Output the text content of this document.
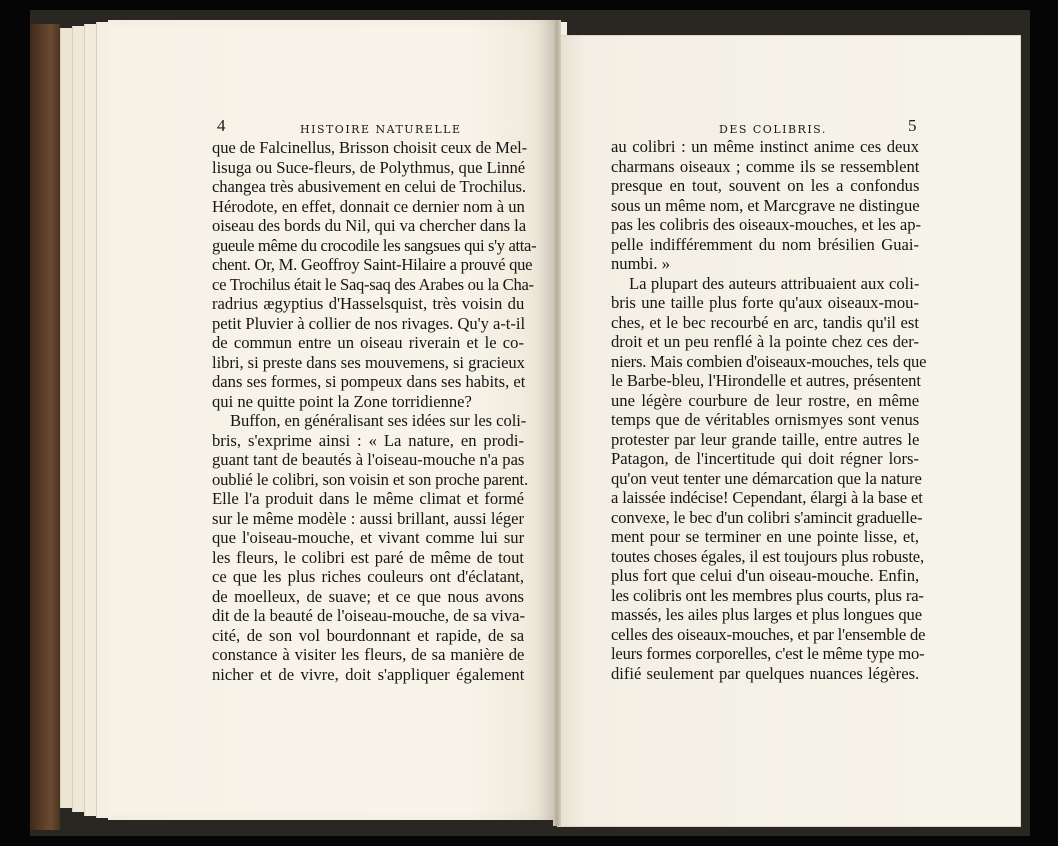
4	HISTOIRE NATURELLE	DES COLIBRIS.	5
que de Falcinellus, Brisson choisit ceux de Mel-
lisuga ou Suce-fleurs, de Polythmus, que Linné
changea très abusivement en celui de Trochilus.
Hérodote, en effet, donnait ce dernier nom à un
oiseau des bords du Nil, qui va chercher dans la
gueule même du crocodile les sangsues qui s'y atta-
chent. Or, M. Geoffroy Saint-Hilaire a prouvé que
ce Trochilus était le Saq-saq des Arabes ou la Cha-
radrius ægyptius d'Hasselsquist, très voisin du
petit Pluvier à collier de nos rivages. Qu'y a-t-il
de commun entre un oiseau riverain et le co-
libri, si preste dans ses mouvemens, si gracieux
dans ses formes, si pompeux dans ses habits, et
qui ne quitte point la Zone torridienne?
Buffon, en généralisant ses idées sur les coli-
bris, s'exprime ainsi : « La nature, en prodi-
guant tant de beautés à l'oiseau-mouche n'a pas
oublié le colibri, son voisin et son proche parent.
Elle l'a produit dans le même climat et formé
sur le même modèle : aussi brillant, aussi léger
que l'oiseau-mouche, et vivant comme lui sur
les fleurs, le colibri est paré de même de tout
ce que les plus riches couleurs ont d'éclatant,
de moelleux, de suave; et ce que nous avons
dit de la beauté de l'oiseau-mouche, de sa viva-
cité, de son vol bourdonnant et rapide, de sa
constance à visiter les fleurs, de sa manière de
nicher et de vivre, doit s'appliquer également
au colibri : un même instinct anime ces deux
charmans oiseaux ; comme ils se ressemblent
presque en tout, souvent on les a confondus
sous un même nom, et Marcgrave ne distingue
pas les colibris des oiseaux-mouches, et les ap-
pelle indifféremment du nom brésilien Guai-
numbi. »
La plupart des auteurs attribuaient aux coli-
bris une taille plus forte qu'aux oiseaux-mou-
ches, et le bec recourbé en arc, tandis qu'il est
droit et un peu renflé à la pointe chez ces der-
niers. Mais combien d'oiseaux-mouches, tels que
le Barbe-bleu, l'Hirondelle et autres, présentent
une légère courbure de leur rostre, en même
temps que de véritables ornismyes sont venus
protester par leur grande taille, entre autres le
Patagon, de l'incertitude qui doit régner lors-
qu'on veut tenter une démarcation que la nature
a laissée indécise! Cependant, élargi à la base et
convexe, le bec d'un colibri s'amincit graduelle-
ment pour se terminer en une pointe lisse, et,
toutes choses égales, il est toujours plus robuste,
plus fort que celui d'un oiseau-mouche. Enfin,
les colibris ont les membres plus courts, plus ra-
massés, les ailes plus larges et plus longues que
celles des oiseaux-mouches, et par l'ensemble de
leurs formes corporelles, c'est le même type mo-
difié seulement par quelques nuances légères.
